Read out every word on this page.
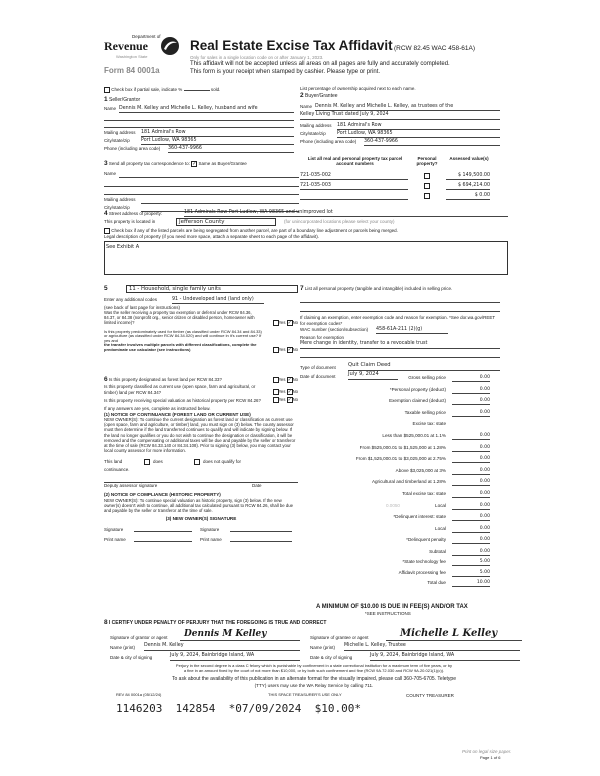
Department of
Revenue
Washington State
Form 84 0001a
Real Estate Excise Tax Affidavit (RCW 82.45 WAC 458-61A)
Only for sales in a single location code on or after January 1, 2023.
This affidavit will not be accepted unless all areas on all pages are fully and accurately completed.
This form is your receipt when stamped by cashier. Please type or print.
Check box if partial sale, indicate %	sold.	List percentage of ownership acquired next to each name.
1 Seller/Grantor
Name Dennis M. Kelley and Michelle L. Kelley, husband and wife
Mailing address 181 Admiral's Row
City/state/zip Port Ludlow, WA 98365
Phone (including area code) 360-437-9966
2 Buyer/Grantee
Name Dennis M. Kelley and Michelle L. Kelley, as trustees of the
Kelley Living Trust dated July 9, 2024
Mailing address 181 Admiral's Row
City/state/zip Port Ludlow, WA 98365
Phone (including area code) 360-437-9966
3 Send all property tax correspondence to: ✓ Same as Buyer/Grantee
Name
Mailing address
City/state/zip
List all real and personal property tax parcel account numbers
Personal property?
Assessed value(s)
721-035-002	$ 149,500.00
721-035-003	$ 694,214.00
$ 0.00
4 Street address of property:	181 Admirals Row Port Ludlow, WA 98365 and unimproved lot
This property is located in	Jefferson County	(for unincorporated locations please select your county)
Check box if any of the listed parcels are being segregated from another parcel, are part of a boundary line adjustment or parcels being merged.
Legal description of property (if you need more space, attach a separate sheet to each page of the affidavit).
See Exhibit A
5	11 - Household, single family units
Enter any additional codes	91 - Undeveloped land (land only)
(see back of last page for instructions)
Was the seller receiving a property tax exemption or deferral under RCW 84.36, 84.37, or 84.38 (nonprofit org., senior citizen or disabled person, homeowner with limited income)?	Yes ✓No
Is this property predominately used for timber (as classified under RCW 84.34 and 84.33) or agriculture (as classified under RCW 84.34.020) and will continue in it's current use? If yes and
the transfer involves multiple parcels with different classifications, complete the predominate use calculator (see instructions)	Yes ✓No
6 Is this property designated as forest land per RCW 84.33?	Yes ✓No
Is this property classified as current use (open space, farm and agricultural, or timber) land per RCW 84.34?	Yes ✓No
Is this property receiving special valuation as historical property per RCW 84.26?	Yes ✓No
If any answers are yes, complete as instructed below.
(1) NOTICE OF CONTINUANCE (FOREST LAND OR CURRENT USE)
NEW OWNER(S): To continue the current designation as forest land or classification as current use (open space, farm and agriculture, or timber) land, you must sign on (3) below. The county assessor must then determine if the land transferred continues to qualify and will indicate by signing below. If the land no longer qualifies or you do not wish to continue the designation or classification, it will be removed and the compensating or additional taxes will be due and payable by the seller or transferor at the time of sale (RCW 84.33.140 or 84.34.108). Prior to signing (3) below, you may contact your local county assessor for more information.
This land	does	does not qualify for
continuance.
Deputy assessor signature	Date
(2) NOTICE OF COMPLIANCE (HISTORIC PROPERTY)
NEW OWNER(S): To continue special valuation as historic property, sign (3) below. If the new owner(s) doesn't wish to continue, all additional tax calculated pursuant to RCW 84.26, shall be due and payable by the seller or transferor at the time of sale.
(3) NEW OWNER(S) SIGNATURE
Signature	Signature
Print name	Print name
7 List all personal property (tangible and intangible) included in selling price.
If claiming an exemption, enter exemption code and reason for exemption. *See dor.wa.gov/REET for exemption codes*
WAC number (section/subsection) 458-61A-211 (2)(g)
Reason for exemption
Mere change in identity, transfer to a revocable trust
Type of document Quit Claim Deed
Date of document July 9, 2024
Gross selling price	0.00
*Personal property (deduct)	0.00
Exemption claimed (deduct)	0.00
Taxable selling price	0.00
Excise tax: state
Less than $525,000.01 at 1.1%	0.00
From $525,000.01 to $1,525,000 at 1.28%	0.00
From $1,525,000.01 to $3,025,000 at 2.75%	0.00
Above $3,025,000 at 3%	0.00
Agricultural and timberland at 1.28%	0.00
Total excise tax: state	0.00
Local
0.0050	0.00
*Delinquent interest: state	0.00
Local	0.00
*Delinquent penalty	0.00
Subtotal	0.00
*State technology fee	5.00
Affidavit processing fee	5.00
Total due	10.00
A MINIMUM OF $10.00 IS DUE IN FEE(S) AND/OR TAX
*SEE INSTRUCTIONS
8 I CERTIFY UNDER PENALTY OF PERJURY THAT THE FOREGOING IS TRUE AND CORRECT
Signature of grantor or agent Dennis M Kelley	Signature of grantee or agent	Michelle L Kelley
Name (print) Dennis M. Kelley	Name (print) Michelle L. Kelley, Trustee
Date & city of signing	July 9, 2024, Bainbridge Island, WA	Date & city of signing	July 9, 2024, Bainbridge Island, WA
Perjury in the second degree is a class C felony which is punishable by confinement in a state correctional institution for a maximum term of five years, or by
a fine in an amount fixed by the court of not more than $10,000, or by both such confinement and fine (RCW 9A.72.030 and RCW 9A.20.021(1)(c)).
To ask about the availability of this publication in an alternate format for the visually impaired, please call 360-705-6705. Teletype
(TTY) users may use the WA Relay Service by calling 711.
REV 84 0001a (05/12/24)	THIS SPACE TREASURER'S USE ONLY	COUNTY TREASURER
1146203  142854  *07/09/2024  $10.00*
Print on legal size paper.
Page 1 of 6
